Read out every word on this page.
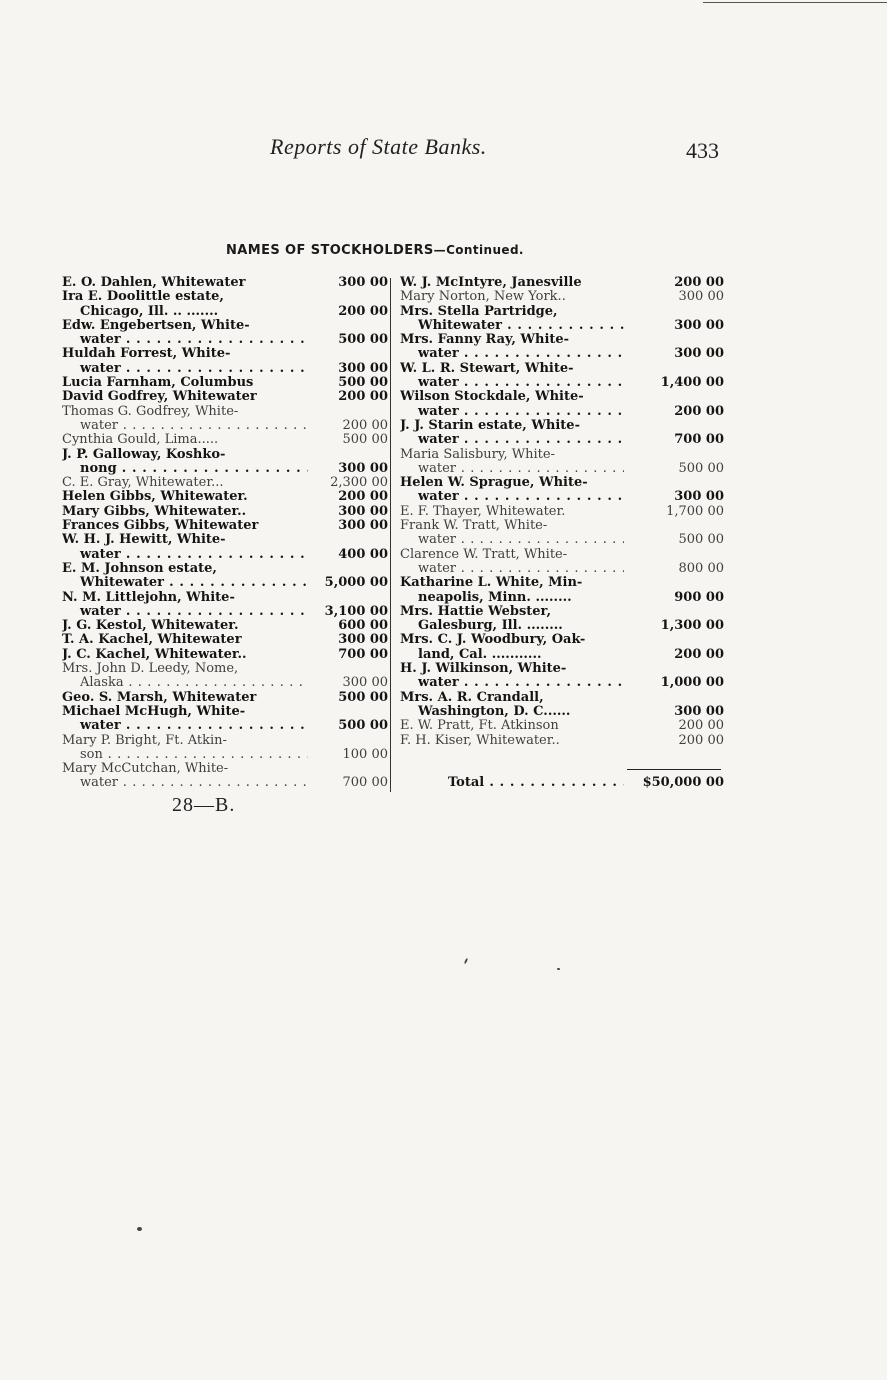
Reports of State Banks.	433
NAMES OF STOCKHOLDERS—Continued.
E. O. Dahlen, Whitewater	300 00
Ira E. Doolittle estate,
Chicago, Ill. .. .......	200 00
Edw. Engebertsen, White-
water . . .	500 00
Huldah Forrest, White-
water . . .	300 00
Lucia Farnham, Columbus	500 00
David Godfrey, Whitewater	200 00
Thomas G. Godfrey, White-
water . . .	200 00
Cynthia Gould, Lima.....	500 00
J. P. Galloway, Koshko-
nong . . .	300 00
C. E. Gray, Whitewater...	2,300 00
Helen Gibbs, Whitewater.	200 00
Mary Gibbs, Whitewater..	300 00
Frances Gibbs, Whitewater	300 00
W. H. J. Hewitt, White-
water . . .	400 00
E. M. Johnson estate,
Whitewater . . .	5,000 00
N. M. Littlejohn, White-
water . . .	3,100 00
J. G. Kestol, Whitewater.	600 00
T. A. Kachel, Whitewater	300 00
J. C. Kachel, Whitewater..	700 00
Mrs. John D. Leedy, Nome,
Alaska . . .	300 00
Geo. S. Marsh, Whitewater	500 00
Michael McHugh, White-
water . . .	500 00
Mary P. Bright, Ft. Atkin-
son . . .	100 00
Mary McCutchan, White-
water . . .	700 00
W. J. McIntyre, Janesville	200 00
Mary Norton, New York..	300 00
Mrs. Stella Partridge,
Whitewater . . .	300 00
Mrs. Fanny Ray, White-
water . . .	300 00
W. L. R. Stewart, White-
water . . .	1,400 00
Wilson Stockdale, White-
water . . .	200 00
J. J. Starin estate, White-
water . . .	700 00
Maria Salisbury, White-
water . . .	500 00
Helen W. Sprague, White-
water . . .	300 00
E. F. Thayer, Whitewater.	1,700 00
Frank W. Tratt, White-
water . . .	500 00
Clarence W. Tratt, White-
water . . .	800 00
Katharine L. White, Min-
neapolis, Minn. ........	900 00
Mrs. Hattie Webster,
Galesburg, Ill. ........	1,300 00
Mrs. C. J. Woodbury, Oak-
land, Cal. ...........	200 00
H. J. Wilkinson, White-
water . . .	1,000 00
Mrs. A. R. Crandall,
Washington, D. C......	300 00
E. W. Pratt, Ft. Atkinson	200 00
F. H. Kiser, Whitewater..	200 00
Total . . .	$50,000 00
28—B.
